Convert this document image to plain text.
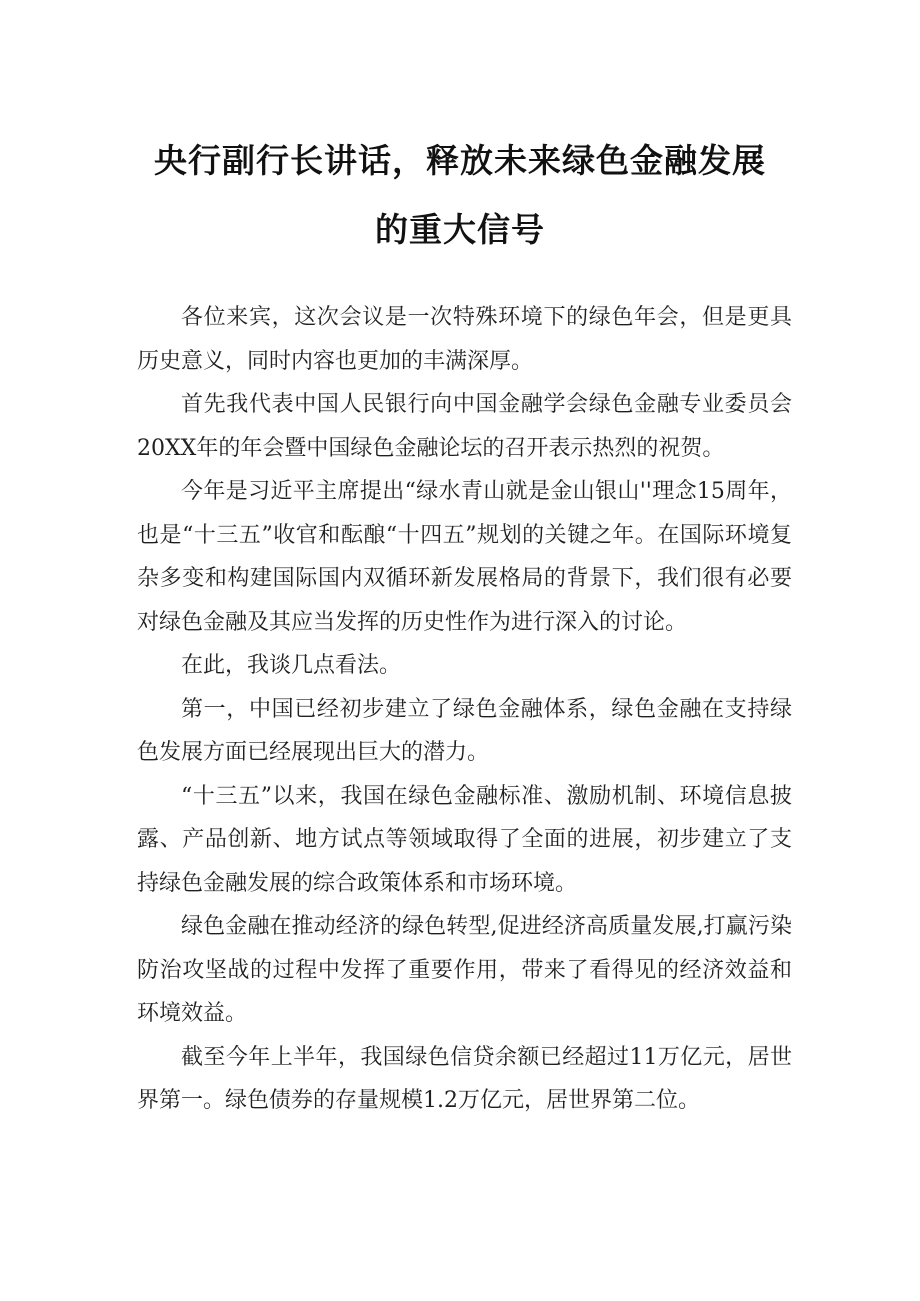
央行副行长讲话，释放未来绿色金融发展
的重大信号

各位来宾，这次会议是一次特殊环境下的绿色年会，但是更具历史意义，同时内容也更加的丰满深厚。

首先我代表中国人民银行向中国金融学会绿色金融专业委员会20XX年的年会暨中国绿色金融论坛的召开表示热烈的祝贺。

今年是习近平主席提出“绿水青山就是金山银山''理念15周年，也是“十三五”收官和酝酿“十四五”规划的关键之年。在国际环境复杂多变和构建国际国内双循环新发展格局的背景下，我们很有必要对绿色金融及其应当发挥的历史性作为进行深入的讨论。

在此，我谈几点看法。

第一，中国已经初步建立了绿色金融体系，绿色金融在支持绿色发展方面已经展现出巨大的潜力。

“十三五”以来，我国在绿色金融标准、激励机制、环境信息披露、产品创新、地方试点等领域取得了全面的进展，初步建立了支持绿色金融发展的综合政策体系和市场环境。

绿色金融在推动经济的绿色转型,促进经济高质量发展,打赢污染防治攻坚战的过程中发挥了重要作用，带来了看得见的经济效益和环境效益。

截至今年上半年，我国绿色信贷余额已经超过11万亿元，居世界第一。绿色债券的存量规模1.2万亿元，居世界第二位。
